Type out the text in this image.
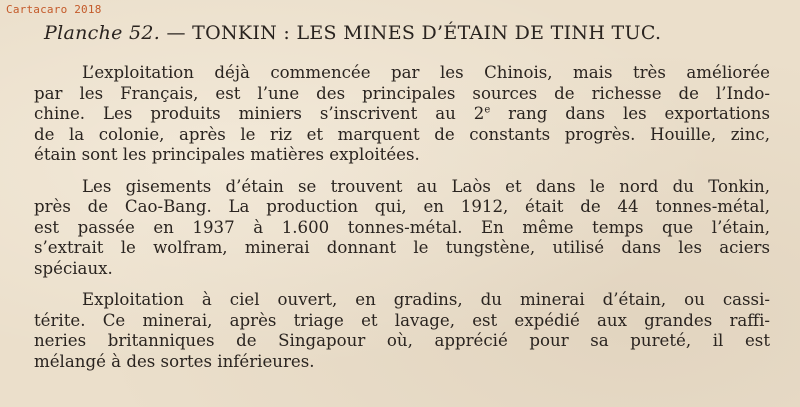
Cartacaro 2018
Planche 52. — TONKIN : LES MINES D’ÉTAIN DE TINH TUC.
L’exploitation déjà commencée par les Chinois, mais très améliorée
par les Français, est l’une des principales sources de richesse de l’Indo-
chine. Les produits miniers s’inscrivent au 2e rang dans les exportations
de la colonie, après le riz et marquent de constants progrès. Houille, zinc,
étain sont les principales matières exploitées.
Les gisements d’étain se trouvent au Laòs et dans le nord du Tonkin,
près de Cao-Bang. La production qui, en 1912, était de 44 tonnes-métal,
est passée en 1937 à 1.600 tonnes-métal. En même temps que l’étain,
s’extrait le wolfram, minerai donnant le tungstène, utilisé dans les aciers
spéciaux.
Exploitation à ciel ouvert, en gradins, du minerai d’étain, ou cassi-
térite. Ce minerai, après triage et lavage, est expédié aux grandes raffi-
neries britanniques de Singapour où, apprécié pour sa pureté, il est
mélangé à des sortes inférieures.
